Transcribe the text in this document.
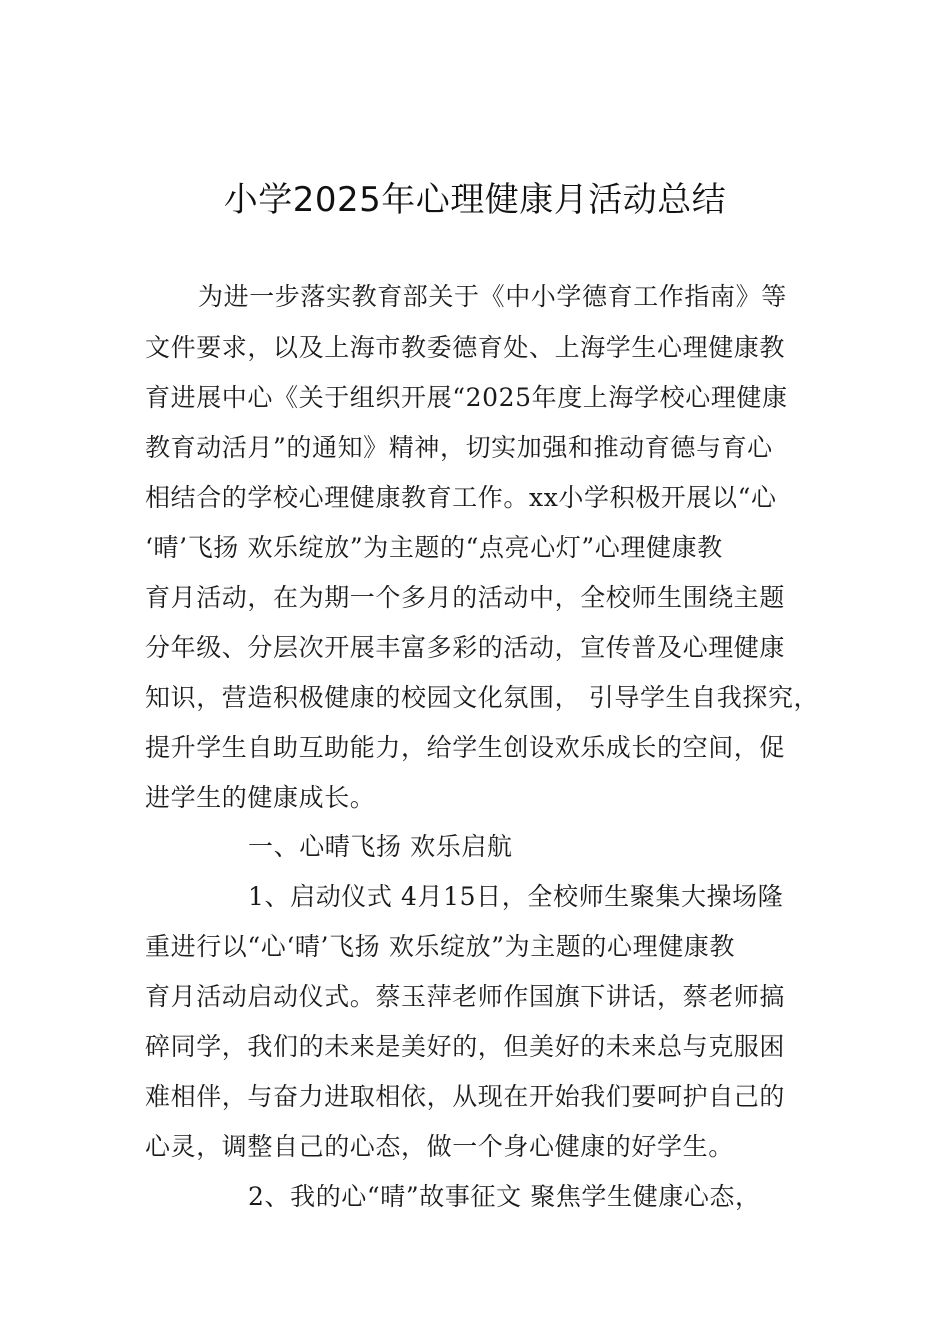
小学2025年心理健康月活动总结
为进一步落实教育部关于《中小学德育工作指南》等
文件要求，以及上海市教委德育处、上海学生心理健康教
育进展中心《关于组织开展“2025年度上海学校心理健康
教育动活月”的通知》精神，切实加强和推动育德与育心
相结合的学校心理健康教育工作。xx小学积极开展以“心
‘晴’飞扬 欢乐绽放”为主题的“点亮心灯”心理健康教
育月活动，在为期一个多月的活动中，全校师生围绕主题
分年级、分层次开展丰富多彩的活动，宣传普及心理健康
知识，营造积极健康的校园文化氛围， 引导学生自我探究，
提升学生自助互助能力，给学生创设欢乐成长的空间，促
进学生的健康成长。
一、心晴飞扬 欢乐启航
1、启动仪式 4月15日，全校师生聚集大操场隆
重进行以“心‘晴’飞扬 欢乐绽放”为主题的心理健康教
育月活动启动仪式。蔡玉萍老师作国旗下讲话，蔡老师搞
碎同学，我们的未来是美好的，但美好的未来总与克服困
难相伴，与奋力进取相依，从现在开始我们要呵护自己的
心灵，调整自己的心态，做一个身心健康的好学生。
2、我的心“晴”故事征文 聚焦学生健康心态，
